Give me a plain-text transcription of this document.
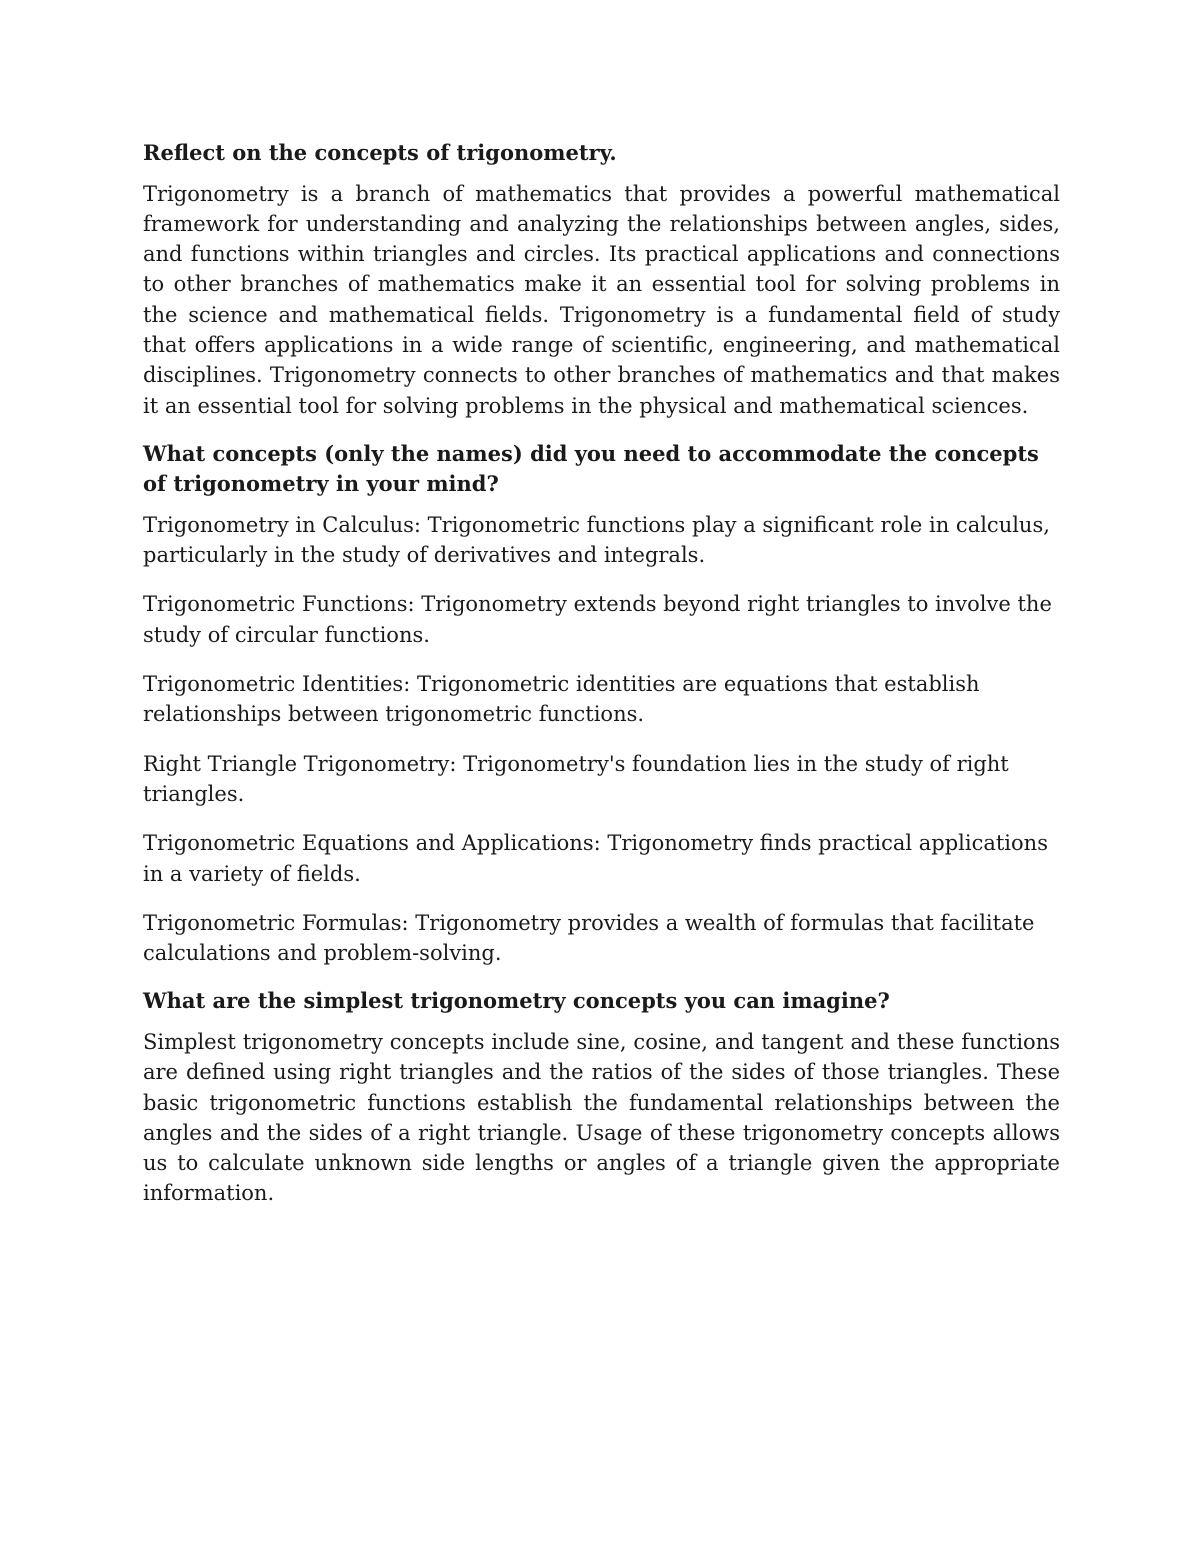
Reflect on the concepts of trigonometry.

Trigonometry is a branch of mathematics that provides a powerful mathematical framework for understanding and analyzing the relationships between angles, sides, and functions within triangles and circles. Its practical applications and connections to other branches of mathematics make it an essential tool for solving problems in the science and mathematical fields. Trigonometry is a fundamental field of study that offers applications in a wide range of scientific, engineering, and mathematical disciplines. Trigonometry connects to other branches of mathematics and that makes it an essential tool for solving problems in the physical and mathematical sciences.

What concepts (only the names) did you need to accommodate the concepts of trigonometry in your mind?

Trigonometry in Calculus: Trigonometric functions play a significant role in calculus, particularly in the study of derivatives and integrals.

Trigonometric Functions: Trigonometry extends beyond right triangles to involve the study of circular functions.

Trigonometric Identities: Trigonometric identities are equations that establish relationships between trigonometric functions.

Right Triangle Trigonometry: Trigonometry's foundation lies in the study of right triangles.

Trigonometric Equations and Applications: Trigonometry finds practical applications in a variety of fields.

Trigonometric Formulas: Trigonometry provides a wealth of formulas that facilitate calculations and problem-solving.

What are the simplest trigonometry concepts you can imagine?

Simplest trigonometry concepts include sine, cosine, and tangent and these functions are defined using right triangles and the ratios of the sides of those triangles. These basic trigonometric functions establish the fundamental relationships between the angles and the sides of a right triangle. Usage of these trigonometry concepts allows us to calculate unknown side lengths or angles of a triangle given the appropriate information.
